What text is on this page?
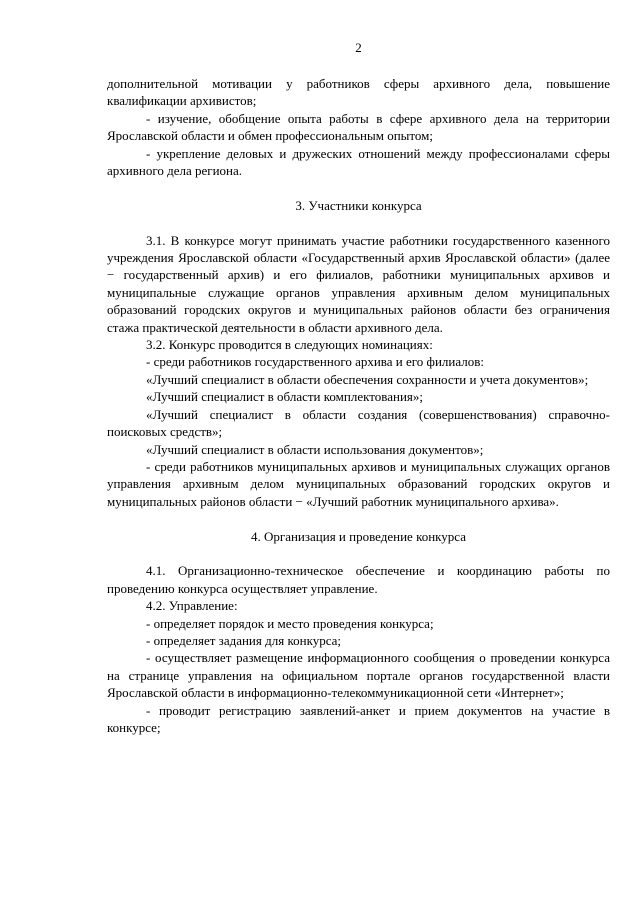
2

дополнительной мотивации у работников сферы архивного дела, повышение квалификации архивистов;

- изучение, обобщение опыта работы в сфере архивного дела на территории Ярославской области и обмен профессиональным опытом;

- укрепление деловых и дружеских отношений между профессионалами сферы архивного дела региона.

3. Участники конкурса

3.1. В конкурсе могут принимать участие работники государственного казенного учреждения Ярославской области «Государственный архив Ярославской области» (далее − государственный архив) и его филиалов, работники муниципальных архивов и муниципальные служащие органов управления архивным делом муниципальных образований городских округов и муниципальных районов области без ограничения стажа практической деятельности в области архивного дела.

3.2. Конкурс проводится в следующих номинациях:

- среди работников государственного архива и его филиалов:

«Лучший специалист в области обеспечения сохранности и учета документов»;

«Лучший специалист в области комплектования»;

«Лучший специалист в области создания (совершенствования) справочно-поисковых средств»;

«Лучший специалист в области использования документов»;

- среди работников муниципальных архивов и муниципальных служащих органов управления архивным делом муниципальных образований городских округов и муниципальных районов области − «Лучший работник муниципального архива».

4. Организация и проведение конкурса

4.1. Организационно-техническое обеспечение и координацию работы по проведению конкурса осуществляет управление.

4.2. Управление:

- определяет порядок и место проведения конкурса;

- определяет задания для конкурса;

- осуществляет размещение информационного сообщения о проведении конкурса на странице управления на официальном портале органов государственной власти Ярославской области в информационно-телекоммуникационной сети «Интернет»;

- проводит регистрацию заявлений-анкет и прием документов на участие в конкурсе;
